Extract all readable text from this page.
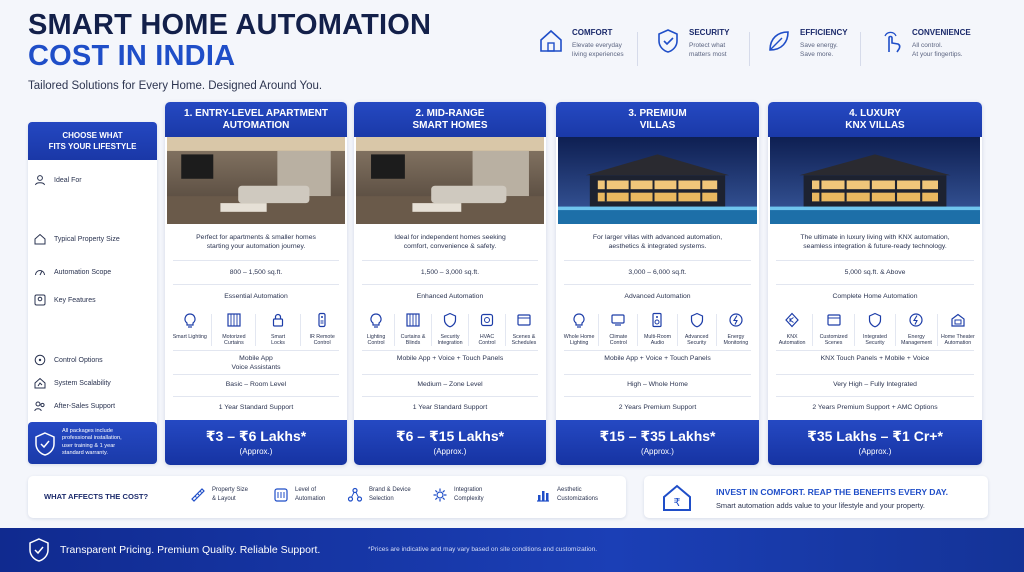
SMART HOME AUTOMATION
COST IN INDIA
Tailored Solutions for Every Home. Designed Around You.
COMFORT
Elevate everyday
living experiences
SECURITY
Protect what
matters most
EFFICIENCY
Save energy.
Save more.
CONVENIENCE
All control.
At your fingertips.
CHOOSE WHAT
FITS YOUR LIFESTYLE
Ideal For
Typical Property Size
Automation Scope
Key Features
Control Options
System Scalability
After-Sales Support
All packages include
professional installation,
user training & 1 year
standard warranty.
1. ENTRY-LEVEL APARTMENT
AUTOMATION
Perfect for apartments & smaller homes
starting your automation journey.
800 – 1,500 sq.ft.
Essential Automation
Smart Lighting	Motorized
Curtains
Smart
Locks
IR Remote
Control
Mobile App
Voice Assistants
Basic – Room Level
1 Year Standard Support
₹3 – ₹6 Lakhs*
(Approx.)
2. MID-RANGE
SMART HOMES
Ideal for independent homes seeking
comfort, convenience & safety.
1,500 – 3,000 sq.ft.
Enhanced Automation
Lighting
Control
Curtains &
Blinds
Security
Integration
HVAC
Control
Scenes &
Schedules
Mobile App + Voice + Touch Panels
Medium – Zone Level
1 Year Standard Support
₹6 – ₹15 Lakhs*
(Approx.)
3. PREMIUM
VILLAS
For larger villas with advanced automation,
aesthetics & integrated systems.
3,000 – 6,000 sq.ft.
Advanced Automation
Whole Home
Lighting
Climate
Control
Multi-Room
Audio
Advanced
Security
Energy
Monitoring
Mobile App + Voice + Touch Panels
High – Whole Home
2 Years Premium Support
₹15 – ₹35 Lakhs*
(Approx.)
4. LUXURY
KNX VILLAS
The ultimate in luxury living with KNX automation,
seamless integration & future-ready technology.
5,000 sq.ft. & Above
Complete Home Automation
KNX
Automation
Customized
Scenes
Integrated
Security
Energy
Management
Home Theater
Automation
KNX Touch Panels + Mobile + Voice
Very High – Fully Integrated
2 Years Premium Support + AMC Options
₹35 Lakhs – ₹1 Cr+*
(Approx.)
WHAT AFFECTS THE COST?
Property Size
& Layout
Level of
Automation
Brand & Device
Selection
Integration
Complexity
Aesthetic
Customizations	₹
INVEST IN COMFORT. REAP THE BENEFITS EVERY DAY.
Smart automation adds value to your lifestyle and your property.
Transparent Pricing. Premium Quality. Reliable Support.	*Prices are indicative and may vary based on site conditions and customization.
